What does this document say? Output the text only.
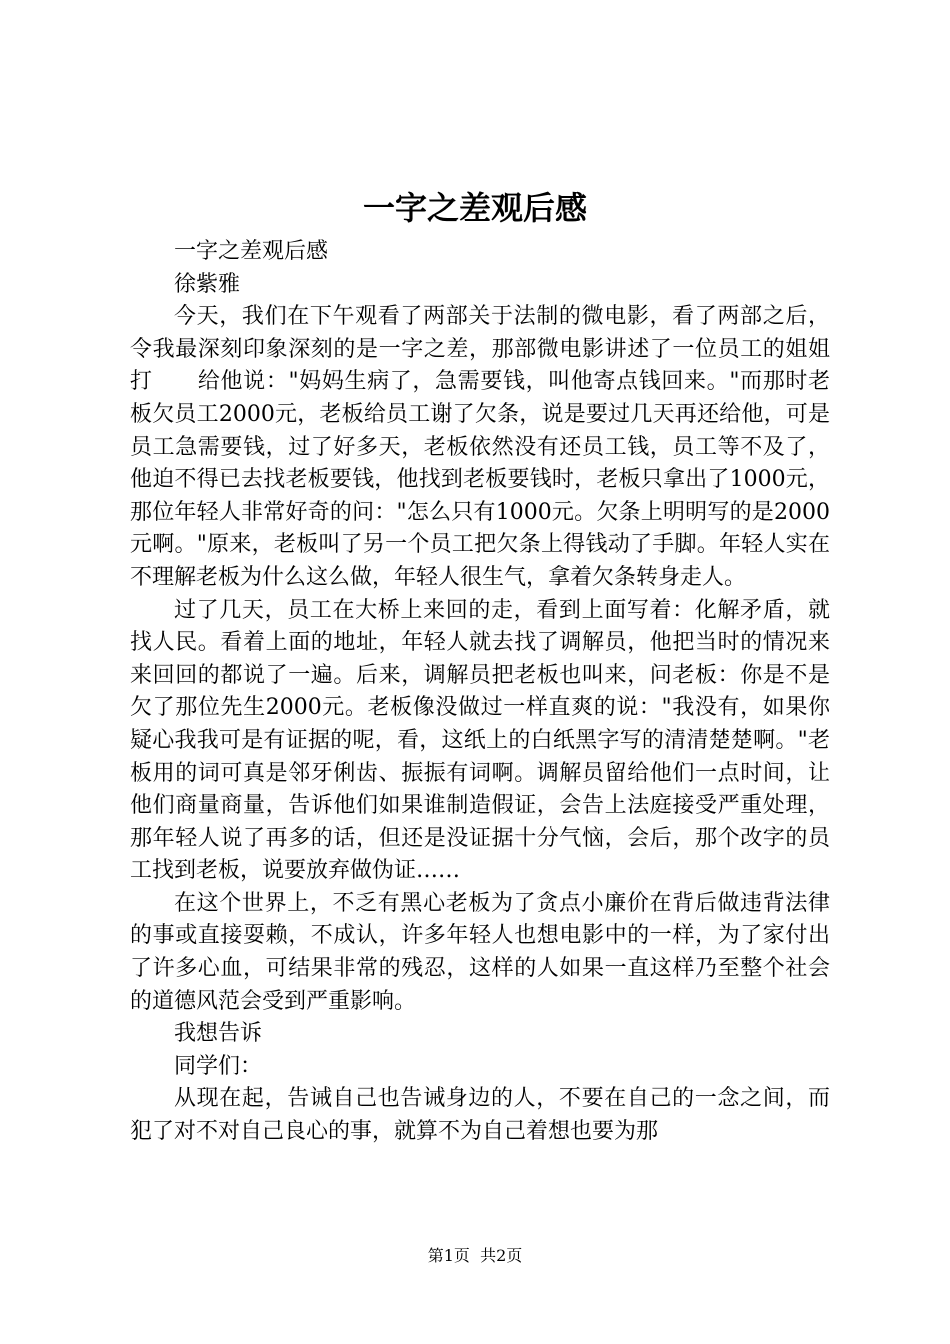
一字之差观后感

一字之差观后感

徐紫雅

今天，我们在下午观看了两部关于法制的微电影，看了两部之后，令我最深刻印象深刻的是一字之差，那部微电影讲述了一位员工的姐姐打　　给他说："妈妈生病了，急需要钱，叫他寄点钱回来。"而那时老板欠员工2000元，老板给员工谢了欠条，说是要过几天再还给他，可是员工急需要钱，过了好多天，老板依然没有还员工钱，员工等不及了，他迫不得已去找老板要钱，他找到老板要钱时，老板只拿出了1000元，那位年轻人非常好奇的问："怎么只有1000元。欠条上明明写的是2000元啊。"原来，老板叫了另一个员工把欠条上得钱动了手脚。年轻人实在不理解老板为什么这么做，年轻人很生气，拿着欠条转身走人。

过了几天，员工在大桥上来回的走，看到上面写着：化解矛盾，就找人民。看着上面的地址，年轻人就去找了调解员，他把当时的情况来来回回的都说了一遍。后来，调解员把老板也叫来，问老板：你是不是欠了那位先生2000元。老板像没做过一样直爽的说："我没有，如果你疑心我我可是有证据的呢，看，这纸上的白纸黑字写的清清楚楚啊。"老板用的词可真是邻牙俐齿、振振有词啊。调解员留给他们一点时间，让他们商量商量，告诉他们如果谁制造假证，会告上法庭接受严重处理，那年轻人说了再多的话，但还是没证据十分气恼，会后，那个改字的员工找到老板，说要放弃做伪证……

在这个世界上，不乏有黑心老板为了贪点小廉价在背后做违背法律的事或直接耍赖，不成认，许多年轻人也想电影中的一样，为了家付出了许多心血，可结果非常的残忍，这样的人如果一直这样乃至整个社会的道德风范会受到严重影响。

我想告诉

同学们：

从现在起，告诫自己也告诫身边的人，不要在自己的一念之间，而犯了对不对自己良心的事，就算不为自己着想也要为那

第1页 共2页
